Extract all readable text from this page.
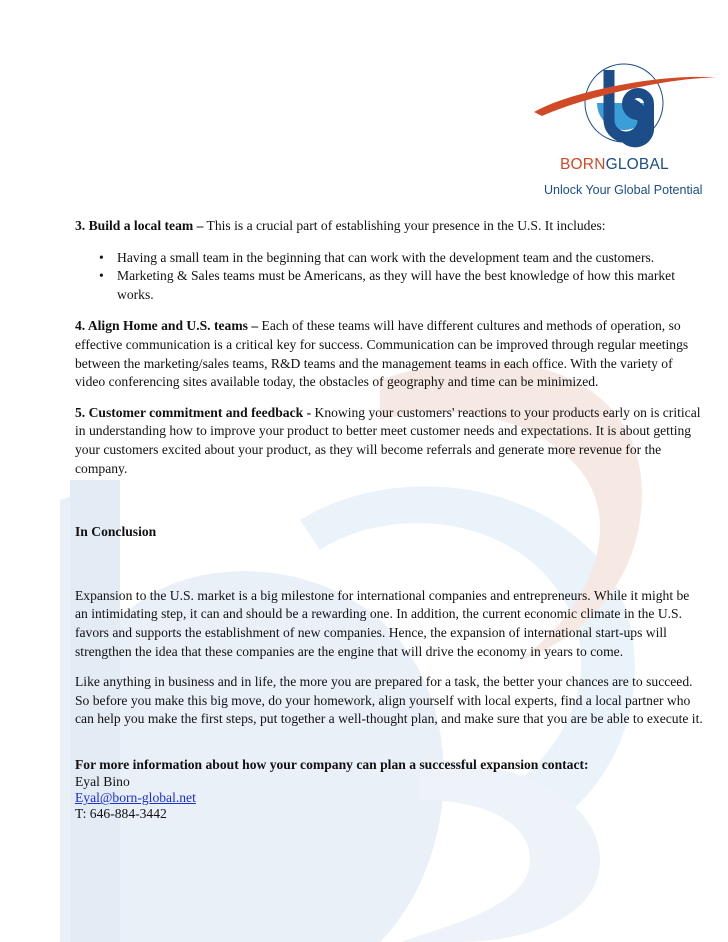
BORNGLOBAL
Unlock Your Global Potential

3. Build a local team – This is a crucial part of establishing your presence in the U.S. It includes:

• Having a small team in the beginning that can work with the development team and the customers.
• Marketing & Sales teams must be Americans, as they will have the best knowledge of how this market works.

4. Align Home and U.S. teams – Each of these teams will have different cultures and methods of operation, so effective communication is a critical key for success. Communication can be improved through regular meetings between the marketing/sales teams, R&D teams and the management teams in each office. With the variety of video conferencing sites available today, the obstacles of geography and time can be minimized.

5. Customer commitment and feedback - Knowing your customers' reactions to your products early on is critical in understanding how to improve your product to better meet customer needs and expectations. It is about getting your customers excited about your product, as they will become referrals and generate more revenue for the company.

In Conclusion

Expansion to the U.S. market is a big milestone for international companies and entrepreneurs. While it might be an intimidating step, it can and should be a rewarding one. In addition, the current economic climate in the U.S. favors and supports the establishment of new companies. Hence, the expansion of international start-ups will strengthen the idea that these companies are the engine that will drive the economy in years to come.

Like anything in business and in life, the more you are prepared for a task, the better your chances are to succeed. So before you make this big move, do your homework, align yourself with local experts, find a local partner who can help you make the first steps, put together a well-thought plan, and make sure that you are be able to execute it.

For more information about how your company can plan a successful expansion contact:

Eyal Bino

Eyal@born-global.net

T: 646-884-3442
